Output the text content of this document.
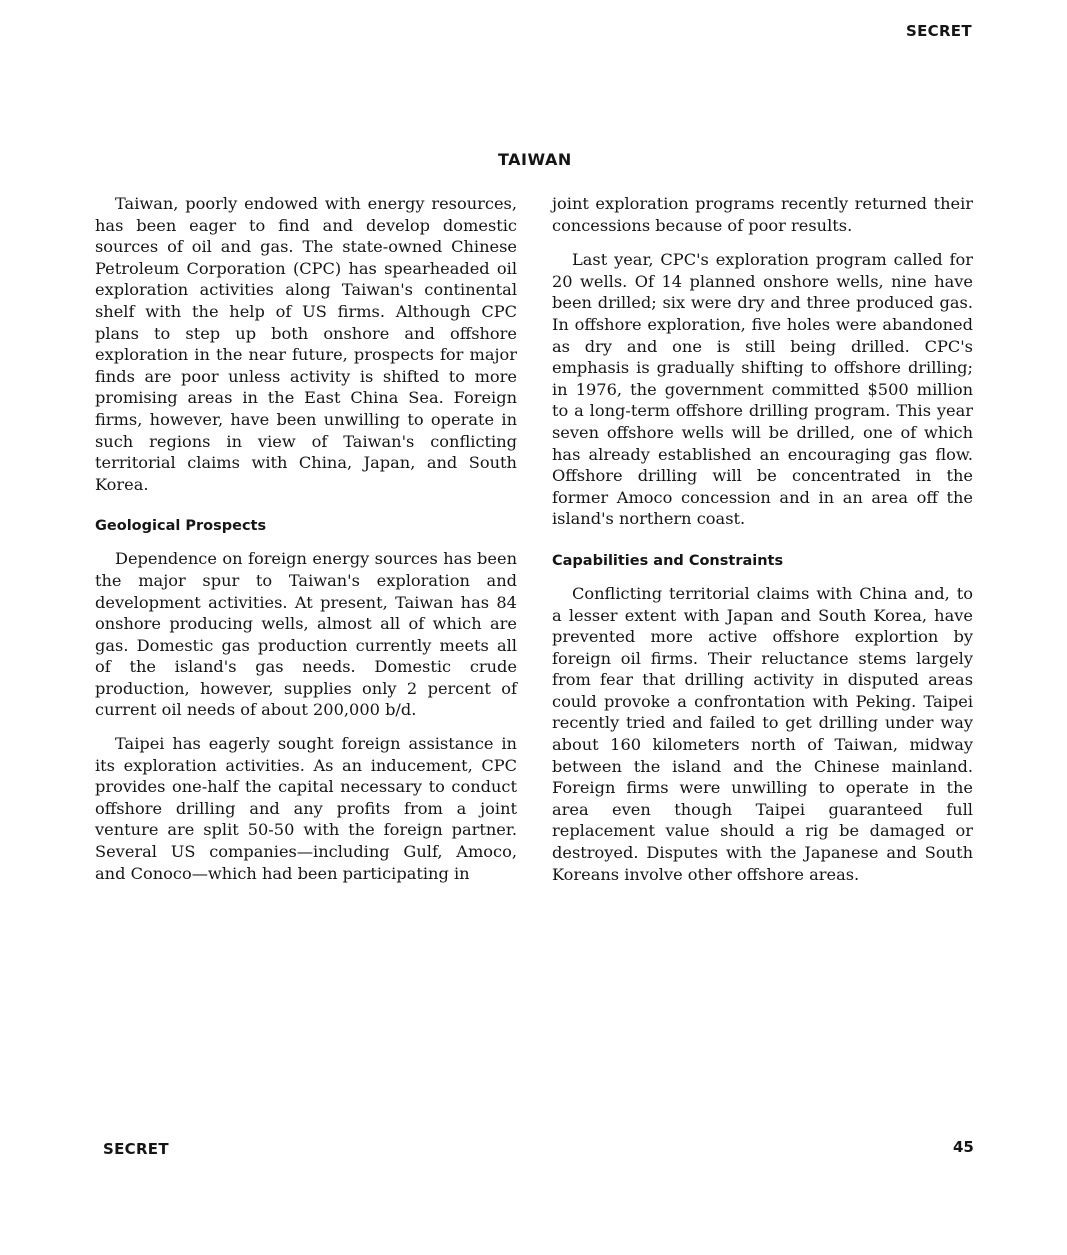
SECRET
TAIWAN

Taiwan, poorly endowed with energy resources, has been eager to find and develop domestic sources of oil and gas. The state-owned Chinese Petroleum Corporation (CPC) has spearheaded oil exploration activities along Taiwan's continental shelf with the help of US firms. Although CPC plans to step up both onshore and offshore exploration in the near future, prospects for major finds are poor unless activity is shifted to more promising areas in the East China Sea. Foreign firms, however, have been unwilling to operate in such regions in view of Taiwan's conflicting territorial claims with China, Japan, and South Korea.

Geological Prospects

Dependence on foreign energy sources has been the major spur to Taiwan's exploration and development activities. At present, Taiwan has 84 onshore producing wells, almost all of which are gas. Domestic gas production currently meets all of the island's gas needs. Domestic crude production, however, supplies only 2 percent of current oil needs of about 200,000 b/d.

Taipei has eagerly sought foreign assistance in its exploration activities. As an inducement, CPC provides one-half the capital necessary to conduct offshore drilling and any profits from a joint venture are split 50-50 with the foreign partner. Several US companies—including Gulf, Amoco, and Conoco—which had been participating in

joint exploration programs recently returned their concessions because of poor results.

Last year, CPC's exploration program called for 20 wells. Of 14 planned onshore wells, nine have been drilled; six were dry and three produced gas. In offshore exploration, five holes were abandoned as dry and one is still being drilled. CPC's emphasis is gradually shifting to offshore drilling; in 1976, the government committed $500 million to a long-term offshore drilling program. This year seven offshore wells will be drilled, one of which has already established an encouraging gas flow. Offshore drilling will be concentrated in the former Amoco concession and in an area off the island's northern coast.

Capabilities and Constraints

Conflicting territorial claims with China and, to a lesser extent with Japan and South Korea, have prevented more active offshore explortion by foreign oil firms. Their reluctance stems largely from fear that drilling activity in disputed areas could provoke a confrontation with Peking. Taipei recently tried and failed to get drilling under way about 160 kilometers north of Taiwan, midway between the island and the Chinese mainland. Foreign firms were unwilling to operate in the area even though Taipei guaranteed full replacement value should a rig be damaged or destroyed. Disputes with the Japanese and South Koreans involve other offshore areas.

SECRET	45
